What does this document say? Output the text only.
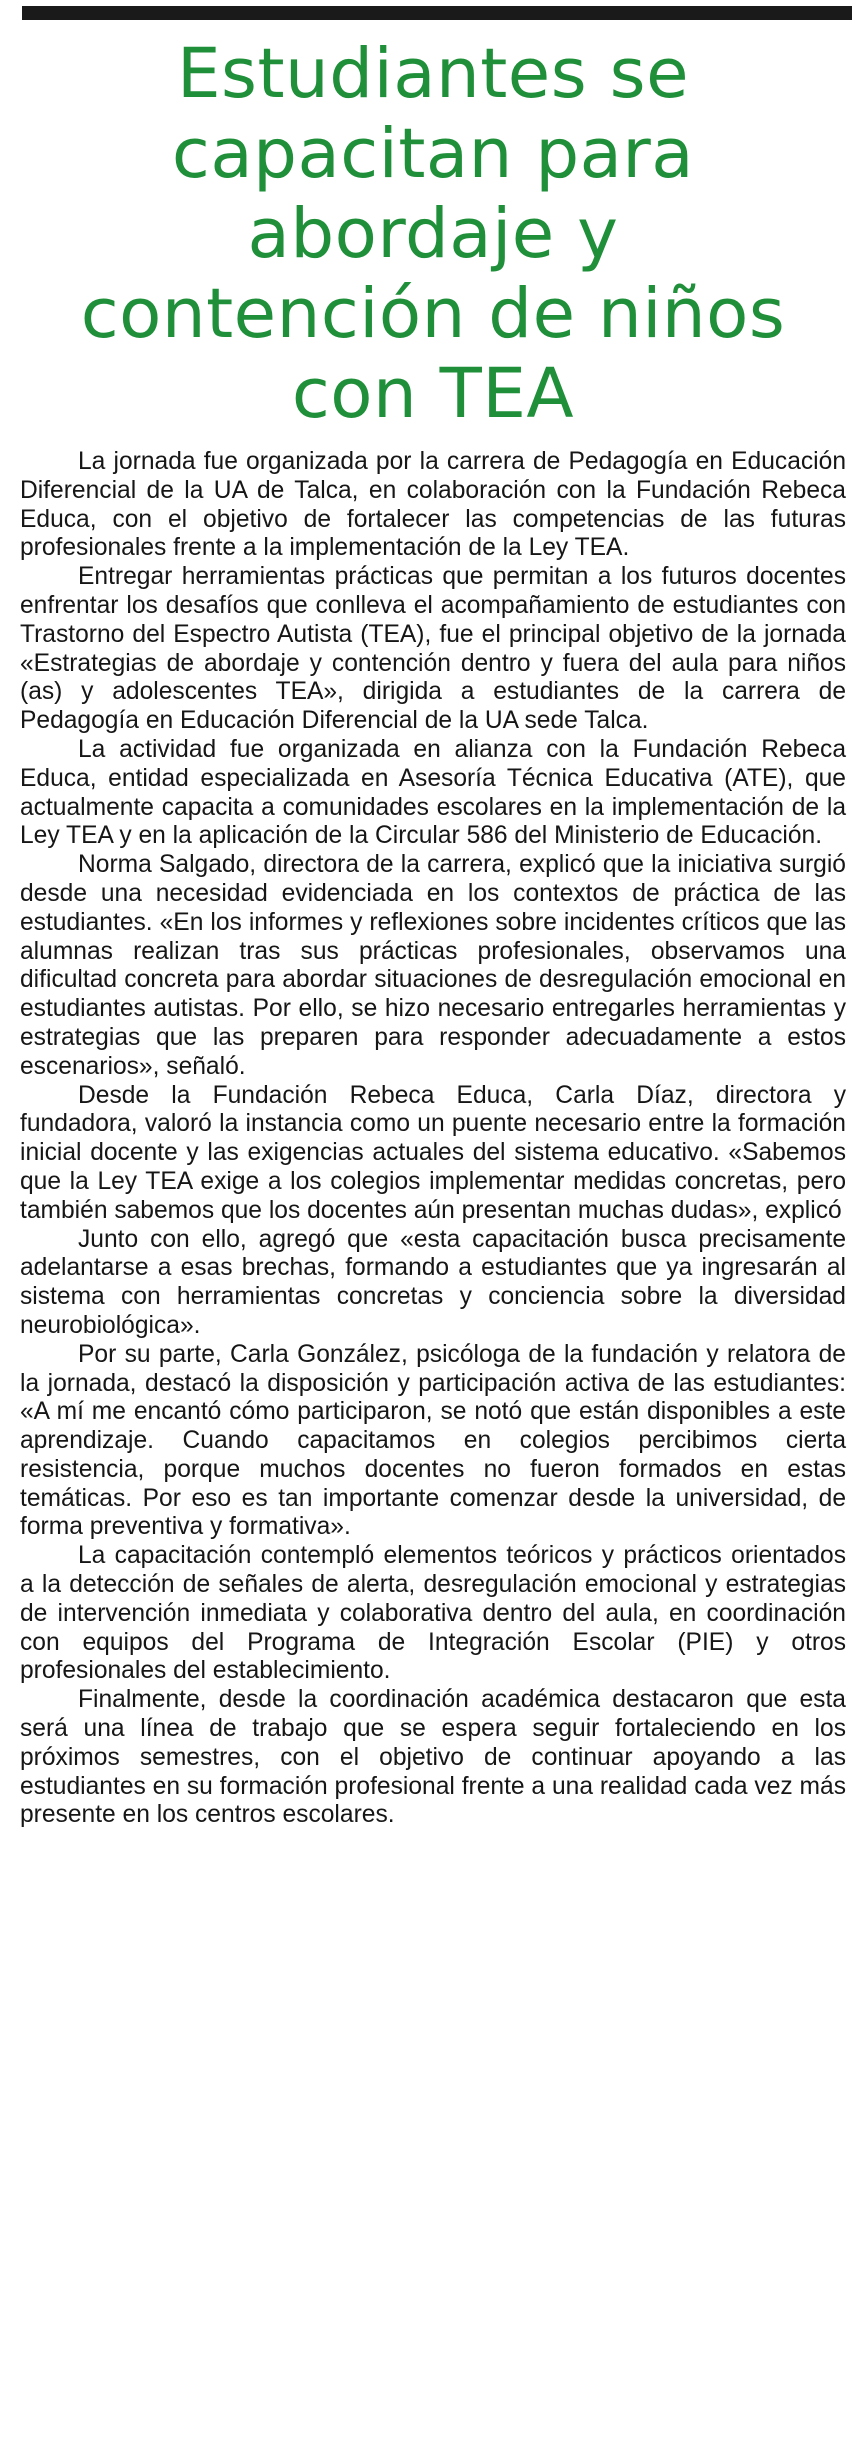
Estudiantes se capacitan para abordaje y contención de niños con TEA

La jornada fue organizada por la carrera de Pedagogía en Educación Diferencial de la UA de Talca, en colaboración con la Fundación Rebeca Educa, con el objetivo de fortalecer las competencias de las futuras profesionales frente a la implementación de la Ley TEA.

Entregar herramientas prácticas que permitan a los futuros docentes enfrentar los desafíos que conlleva el acompañamiento de estudiantes con Trastorno del Espectro Autista (TEA), fue el principal objetivo de la jornada «Estrategias de abordaje y contención dentro y fuera del aula para niños (as) y adolescentes TEA», dirigida a estudiantes de la carrera de Pedagogía en Educación Diferencial de la UA sede Talca.

La actividad fue organizada en alianza con la Fundación Rebeca Educa, entidad especializada en Asesoría Técnica Educativa (ATE), que actualmente capacita a comunidades escolares en la implementación de la Ley TEA y en la aplicación de la Circular 586 del Ministerio de Educación.

Norma Salgado, directora de la carrera, explicó que la iniciativa surgió desde una necesidad evidenciada en los contextos de práctica de las estudiantes. «En los informes y reflexiones sobre incidentes críticos que las alumnas realizan tras sus prácticas profesionales, observamos una dificultad concreta para abordar situaciones de desregulación emocional en estudiantes autistas. Por ello, se hizo necesario entregarles herramientas y estrategias que las preparen para responder adecuadamente a estos escenarios», señaló.

Desde la Fundación Rebeca Educa, Carla Díaz, directora y fundadora, valoró la instancia como un puente necesario entre la formación inicial docente y las exigencias actuales del sistema educativo. «Sabemos que la Ley TEA exige a los colegios implementar medidas concretas, pero también sabemos que los docentes aún presentan muchas dudas», explicó

Junto con ello, agregó que «esta capacitación busca precisamente adelantarse a esas brechas, formando a estudiantes que ya ingresarán al sistema con herramientas concretas y conciencia sobre la diversidad neurobiológica».

Por su parte, Carla González, psicóloga de la fundación y relatora de la jornada, destacó la disposición y participación activa de las estudiantes: «A mí me encantó cómo participaron, se notó que están disponibles a este aprendizaje. Cuando capacitamos en colegios percibimos cierta resistencia, porque muchos docentes no fueron formados en estas temáticas. Por eso es tan importante comenzar desde la universidad, de forma preventiva y formativa».

La capacitación contempló elementos teóricos y prácticos orientados a la detección de señales de alerta, desregulación emocional y estrategias de intervención inmediata y colaborativa dentro del aula, en coordinación con equipos del Programa de Integración Escolar (PIE) y otros profesionales del establecimiento.

Finalmente, desde la coordinación académica destacaron que esta será una línea de trabajo que se espera seguir fortaleciendo en los próximos semestres, con el objetivo de continuar apoyando a las estudiantes en su formación profesional frente a una realidad cada vez más presente en los centros escolares.
